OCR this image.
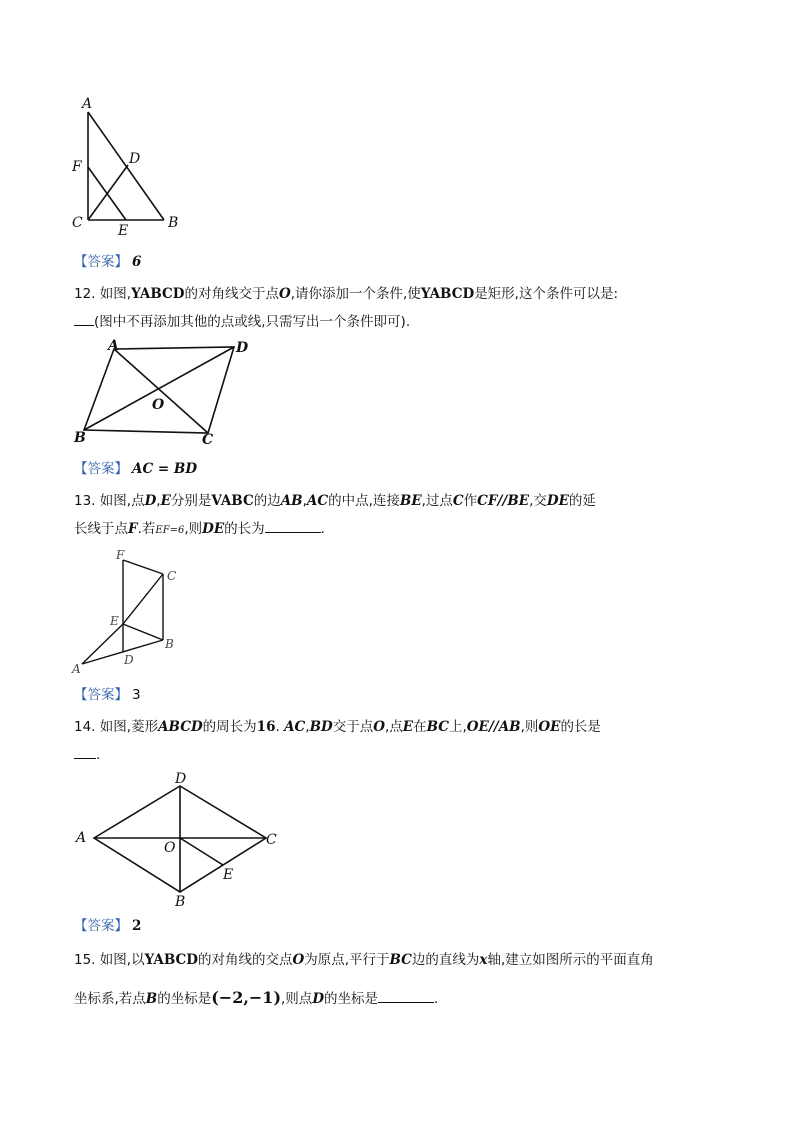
A
D
F
C	E	B
【答案】 6
12. 如图,YABCD的对角线交于点O,请你添加一个条件,使YABCD是矩形,这个条件可以是:
(图中不再添加其他的点或线,只需写出一个条件即可).
A	D
O
B	C
【答案】 AC = BD
13. 如图,点D,E分别是VABC的边AB,AC的中点,连接BE,过点C作CF//BE,交DE的延
长线于点F.若EF=6,则DE的长为	.
F
C
E
B
A
D
【答案】 3
14. 如图,菱形ABCD的周长为16. AC,BD交于点O,点E在BC上,OE//AB,则OE的长是
.
D
A
O	C
E
B
【答案】 2
15. 如图,以YABCD的对角线的交点O为原点,平行于BC边的直线为x轴,建立如图所示的平面直角
坐标系,若点B的坐标是(−2,−1),则点D的坐标是	.
